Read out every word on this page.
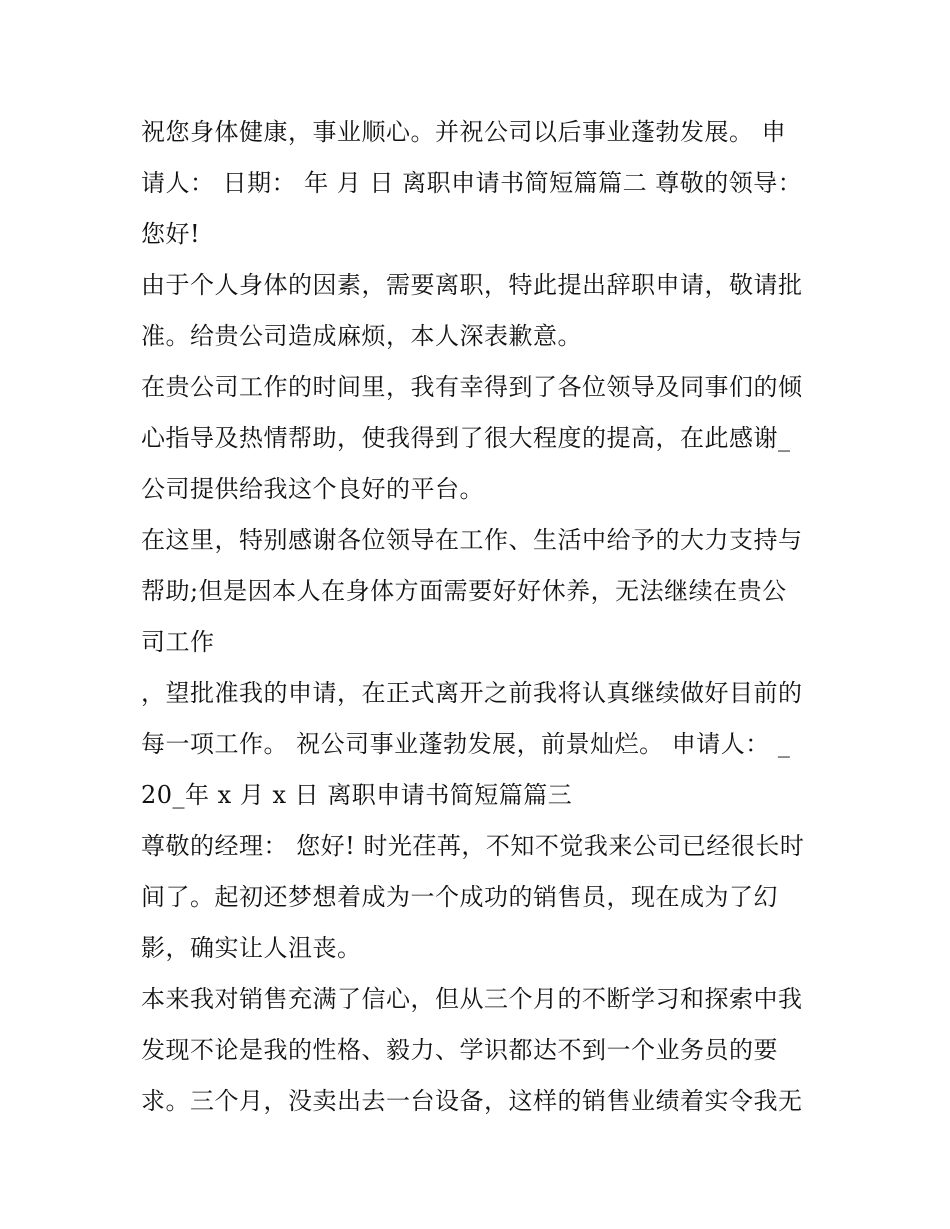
祝您身体健康，事业顺心。并祝公司以后事业蓬勃发展。 申
请人： 日期： 年 月 日 离职申请书简短篇篇二 尊敬的领导：
您好!
由于个人身体的因素，需要离职，特此提出辞职申请，敬请批
准。给贵公司造成麻烦，本人深表歉意。
在贵公司工作的时间里，我有幸得到了各位领导及同事们的倾
心指导及热情帮助，使我得到了很大程度的提高，在此感谢_
公司提供给我这个良好的平台。
在这里，特别感谢各位领导在工作、生活中给予的大力支持与
帮助;但是因本人在身体方面需要好好休养，无法继续在贵公
司工作
，望批准我的申请，在正式离开之前我将认真继续做好目前的
每一项工作。 祝公司事业蓬勃发展，前景灿烂。 申请人： _
20_年 x 月 x 日 离职申请书简短篇篇三
尊敬的经理： 您好! 时光荏苒，不知不觉我来公司已经很长时
间了。起初还梦想着成为一个成功的销售员，现在成为了幻
影，确实让人沮丧。
本来我对销售充满了信心，但从三个月的不断学习和探索中我
发现不论是我的性格、毅力、学识都达不到一个业务员的要
求。三个月，没卖出去一台设备，这样的销售业绩着实令我无
